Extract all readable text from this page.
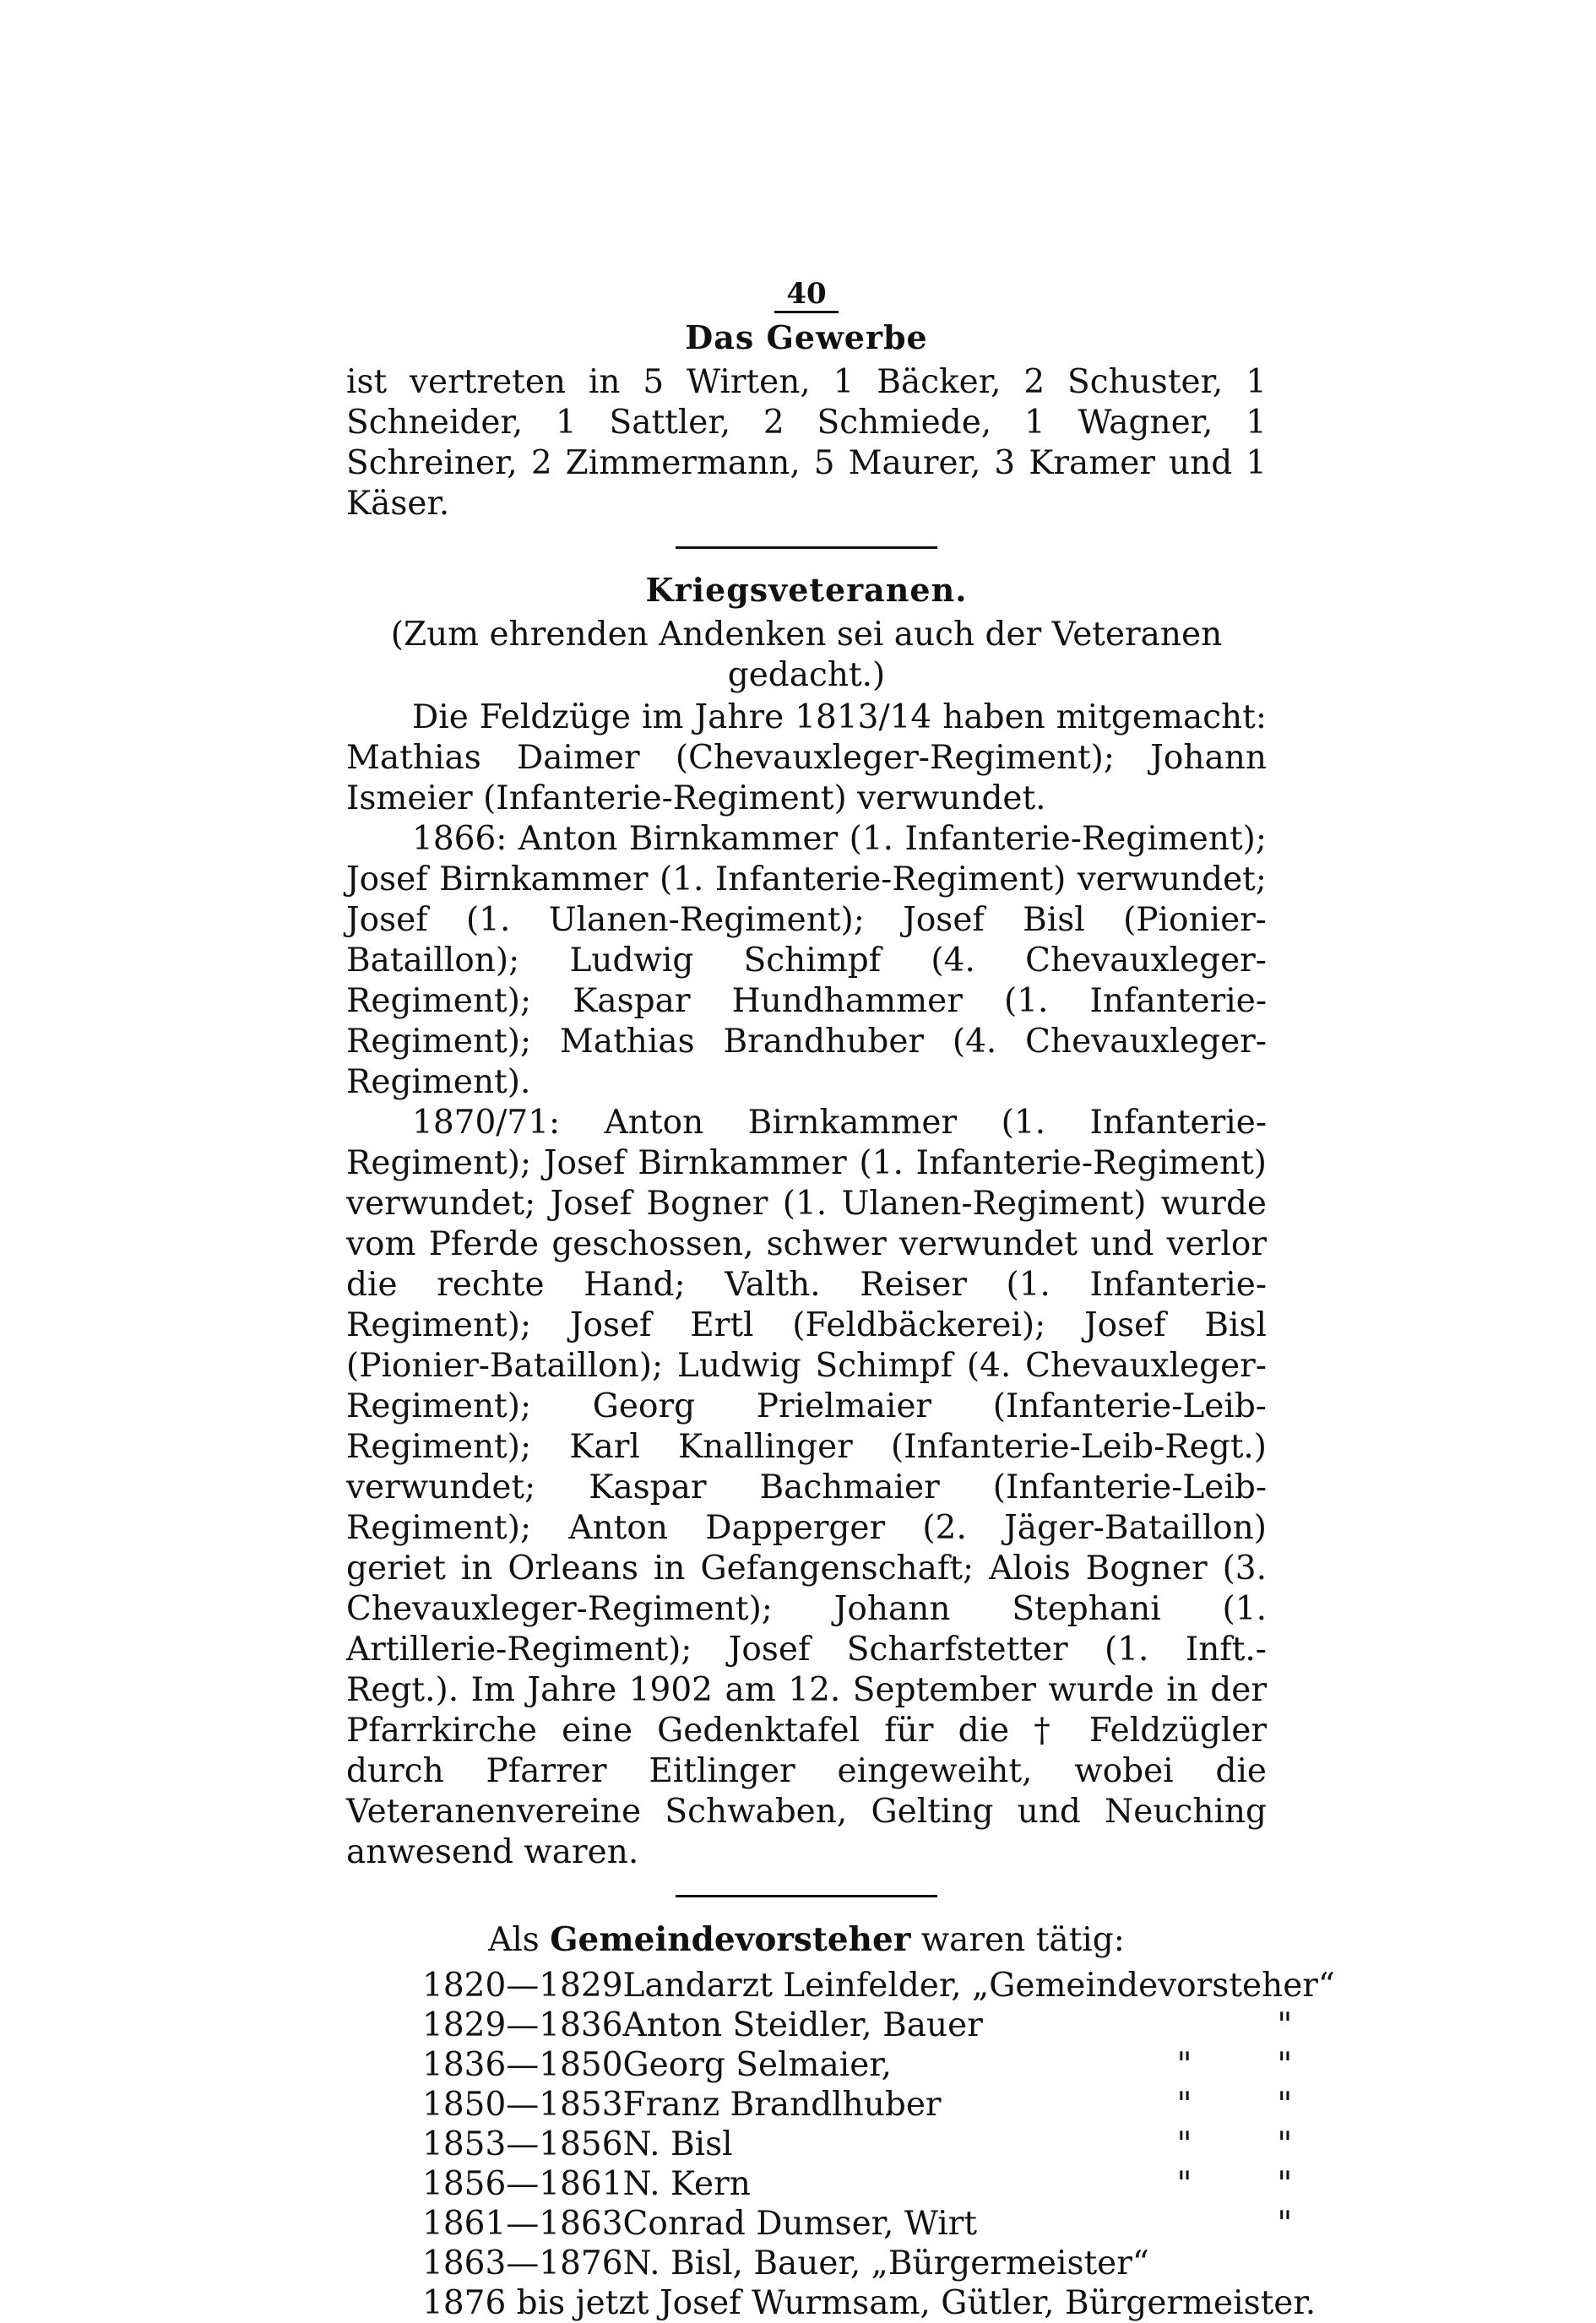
40
Das Gewerbe

ist vertreten in 5 Wirten, 1 Bäcker, 2 Schuster, 1 Schneider, 1 Sattler, 2 Schmiede, 1 Wagner, 1 Schreiner, 2 Zimmermann, 5 Maurer, 3 Kramer und 1 Käser.

Kriegsveteranen.

(Zum ehrenden Andenken sei auch der Veteranen gedacht.)

Die Feldzüge im Jahre 1813/14 haben mitgemacht: Mathias Daimer (Chevauxleger-Regiment); Johann Ismeier (Infanterie-Regiment) verwundet.

1866: Anton Birnkammer (1. Infanterie-Regiment); Josef Birnkammer (1. Infanterie-Regiment) verwundet; Josef (1. Ulanen-Regiment); Josef Bisl (Pionier-Bataillon); Ludwig Schimpf (4. Chevauxleger-Regiment); Kaspar Hundhammer (1. Infanterie-Regiment); Mathias Brandhuber (4. Chevauxleger-Regiment).

1870/71: Anton Birnkammer (1. Infanterie-Regiment); Josef Birnkammer (1. Infanterie-Regiment) verwundet; Josef Bogner (1. Ulanen-Regiment) wurde vom Pferde geschossen, schwer verwundet und verlor die rechte Hand; Valth. Reiser (1. Infanterie-Regiment); Josef Ertl (Feldbäckerei); Josef Bisl (Pionier-Bataillon); Ludwig Schimpf (4. Chevauxleger-Regiment); Georg Prielmaier (Infanterie-Leib-Regiment); Karl Knallinger (Infanterie-Leib-Regt.) verwundet; Kaspar Bachmaier (Infanterie-Leib-Regiment); Anton Dapperger (2. Jäger-Bataillon) geriet in Orleans in Gefangenschaft; Alois Bogner (3. Chevauxleger-Regiment); Johann Stephani (1. Artillerie-Regiment); Josef Scharfstetter (1. Inft.-Regt.). Im Jahre 1902 am 12. September wurde in der Pfarrkirche eine Gedenktafel für die † Feldzügler durch Pfarrer Eitlinger eingeweiht, wobei die Veteranenvereine Schwaben, Gelting und Neuching anwesend waren.

Als Gemeindevorsteher waren tätig:

1820—1829	Landarzt Leinfelder, „Gemeindevorsteher“		
1829—1836	Anton Steidler, Bauer		"
1836—1850	Georg Selmaier,	"	"
1850—1853	Franz Brandlhuber	"	"
1853—1856	N. Bisl	"	"
1856—1861	N. Kern	"	"
1861—1863	Conrad Dumser, Wirt		"
1863—1876	N. Bisl, Bauer, „Bürgermeister“		
1876 bis jetzt Josef Wurmsam, Gütler, Bürgermeister.			
